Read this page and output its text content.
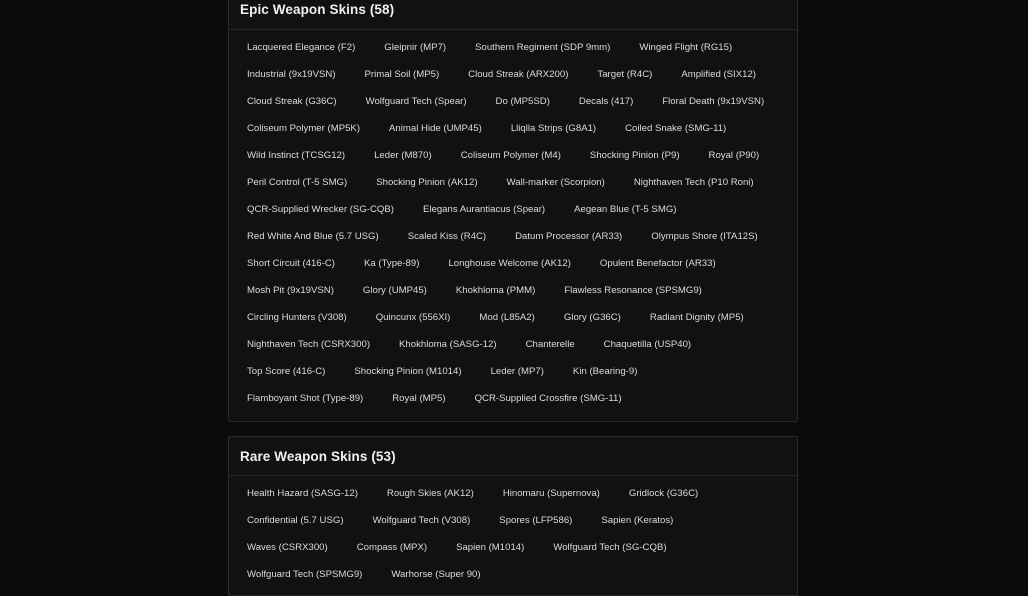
Epic Weapon Skins (58)
Lacquered Elegance (F2)	Gleipnir (MP7)	Southern Regiment (SDP 9mm)	Winged Flight (RG15)
Industrial (9x19VSN)	Primal Soil (MP5)	Cloud Streak (ARX200)	Target (R4C)	Amplified (SIX12)
Cloud Streak (G36C)	Wolfguard Tech (Spear)	Do (MP5SD)	Decals (417)	Floral Death (9x19VSN)
Coliseum Polymer (MP5K)	Animal Hide (UMP45)	Lliqlla Strips (G8A1)	Coiled Snake (SMG-11)
Wild Instinct (TCSG12)	Leder (M870)	Coliseum Polymer (M4)	Shocking Pinion (P9)	Royal (P90)
Peril Control (T-5 SMG)	Shocking Pinion (AK12)	Wall-marker (Scorpion)	Nighthaven Tech (P10 Roni)
QCR-Supplied Wrecker (SG-CQB)	Elegans Aurantiacus (Spear)	Aegean Blue (T-5 SMG)
Red White And Blue (5.7 USG)	Scaled Kiss (R4C)	Datum Processor (AR33)	Olympus Shore (ITA12S)
Short Circuit (416-C)	Ka (Type-89)	Longhouse Welcome (AK12)	Opulent Benefactor (AR33)
Mosh Pit (9x19VSN)	Glory (UMP45)	Khokhloma (PMM)	Flawless Resonance (SPSMG9)
Circling Hunters (V308)	Quincunx (556XI)	Mod (L85A2)	Glory (G36C)	Radiant Dignity (MP5)
Nighthaven Tech (CSRX300)	Khokhloma (SASG-12)	Chanterelle	Chaquetilla (USP40)
Top Score (416-C)	Shocking Pinion (M1014)	Leder (MP7)	Kin (Bearing-9)
Flamboyant Shot (Type-89)	Royal (MP5)	QCR-Supplied Crossfire (SMG-11)
Rare Weapon Skins (53)
Health Hazard (SASG-12)	Rough Skies (AK12)	Hinomaru (Supernova)	Gridlock (G36C)
Confidential (5.7 USG)	Wolfguard Tech (V308)	Spores (LFP586)	Sapien (Keratos)
Waves (CSRX300)	Compass (MPX)	Sapien (M1014)	Wolfguard Tech (SG-CQB)
Wolfguard Tech (SPSMG9)	Warhorse (Super 90)
